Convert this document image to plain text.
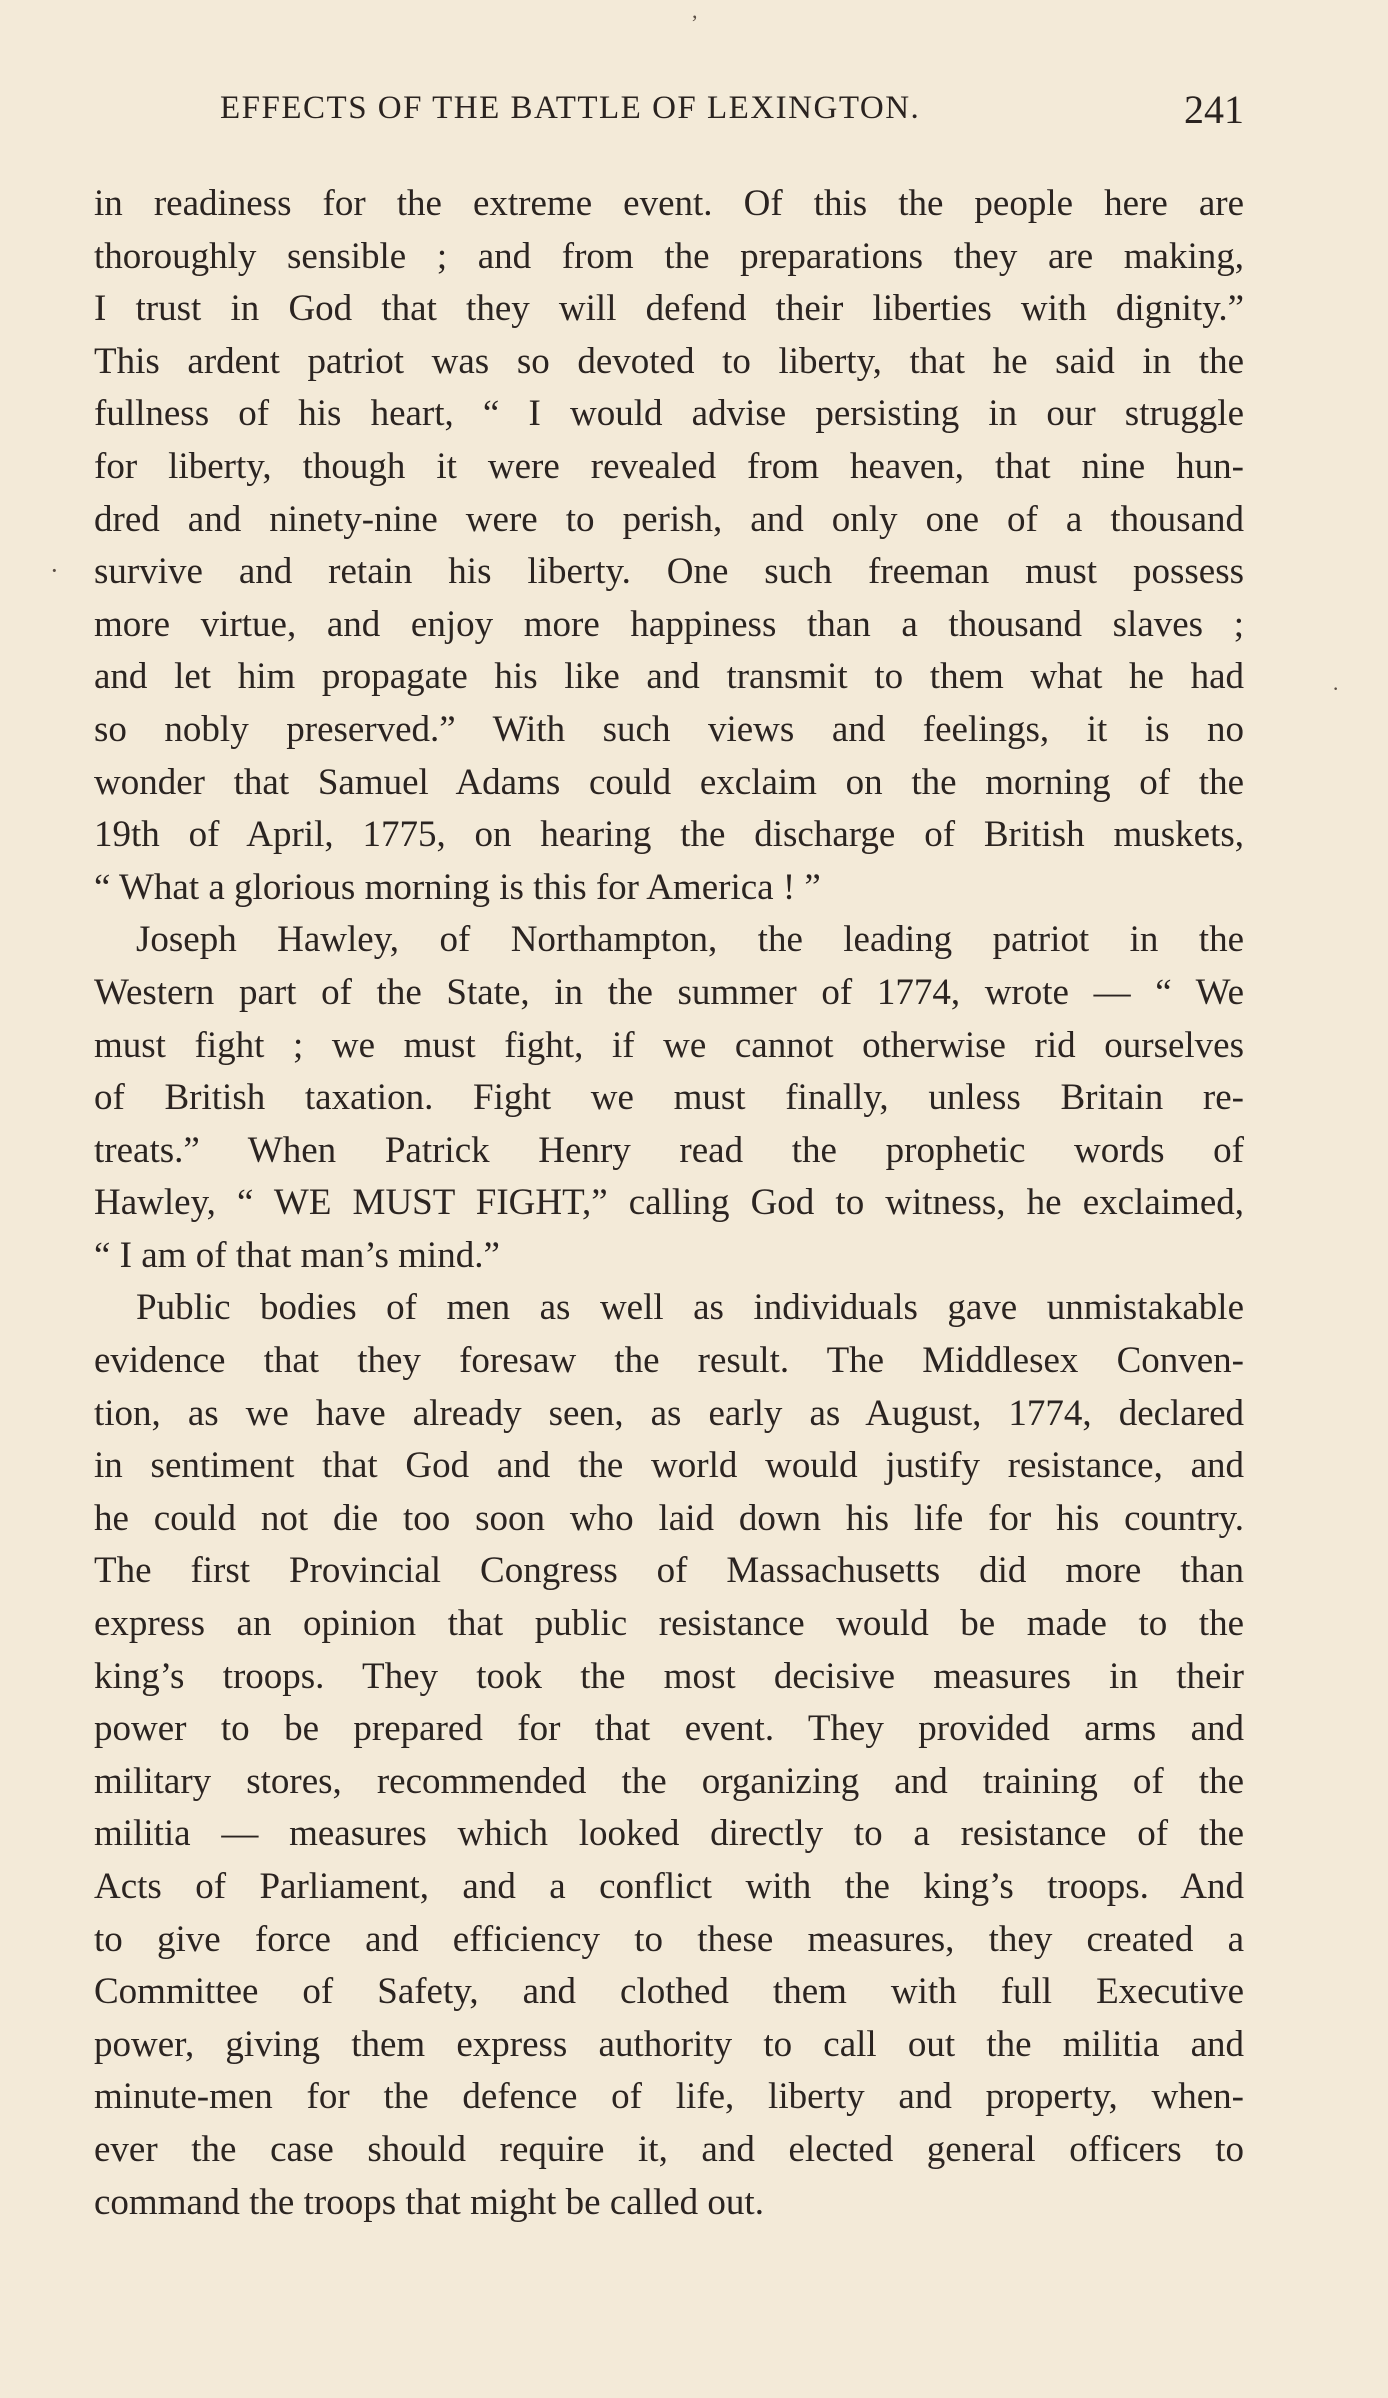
,
·
·
EFFECTS OF THE BATTLE OF LEXINGTON.	241
in readiness for the extreme event. Of this the people here are
thoroughly sensible ; and from the preparations they are making,
I trust in God that they will defend their liberties with dignity.”
This ardent patriot was so devoted to liberty, that he said in the
fullness of his heart, “ I would advise persisting in our struggle
for liberty, though it were revealed from heaven, that nine hun-
dred and ninety-nine were to perish, and only one of a thousand
survive and retain his liberty. One such freeman must possess
more virtue, and enjoy more happiness than a thousand slaves ;
and let him propagate his like and transmit to them what he had
so nobly preserved.” With such views and feelings, it is no
wonder that Samuel Adams could exclaim on the morning of the
19th of April, 1775, on hearing the discharge of British muskets,
“ What a glorious morning is this for America ! ”
Joseph Hawley, of Northampton, the leading patriot in the
Western part of the State, in the summer of 1774, wrote — “ We
must fight ; we must fight, if we cannot otherwise rid ourselves
of British taxation. Fight we must finally, unless Britain re-
treats.” When Patrick Henry read the prophetic words of
Hawley, “ WE MUST FIGHT,” calling God to witness, he exclaimed,
“ I am of that man’s mind.”
Public bodies of men as well as individuals gave unmistakable
evidence that they foresaw the result. The Middlesex Conven-
tion, as we have already seen, as early as August, 1774, declared
in sentiment that God and the world would justify resistance, and
he could not die too soon who laid down his life for his country.
The first Provincial Congress of Massachusetts did more than
express an opinion that public resistance would be made to the
king’s troops. They took the most decisive measures in their
power to be prepared for that event. They provided arms and
military stores, recommended the organizing and training of the
militia — measures which looked directly to a resistance of the
Acts of Parliament, and a conflict with the king’s troops. And
to give force and efficiency to these measures, they created a
Committee of Safety, and clothed them with full Executive
power, giving them express authority to call out the militia and
minute-men for the defence of life, liberty and property, when-
ever the case should require it, and elected general officers to
command the troops that might be called out.
